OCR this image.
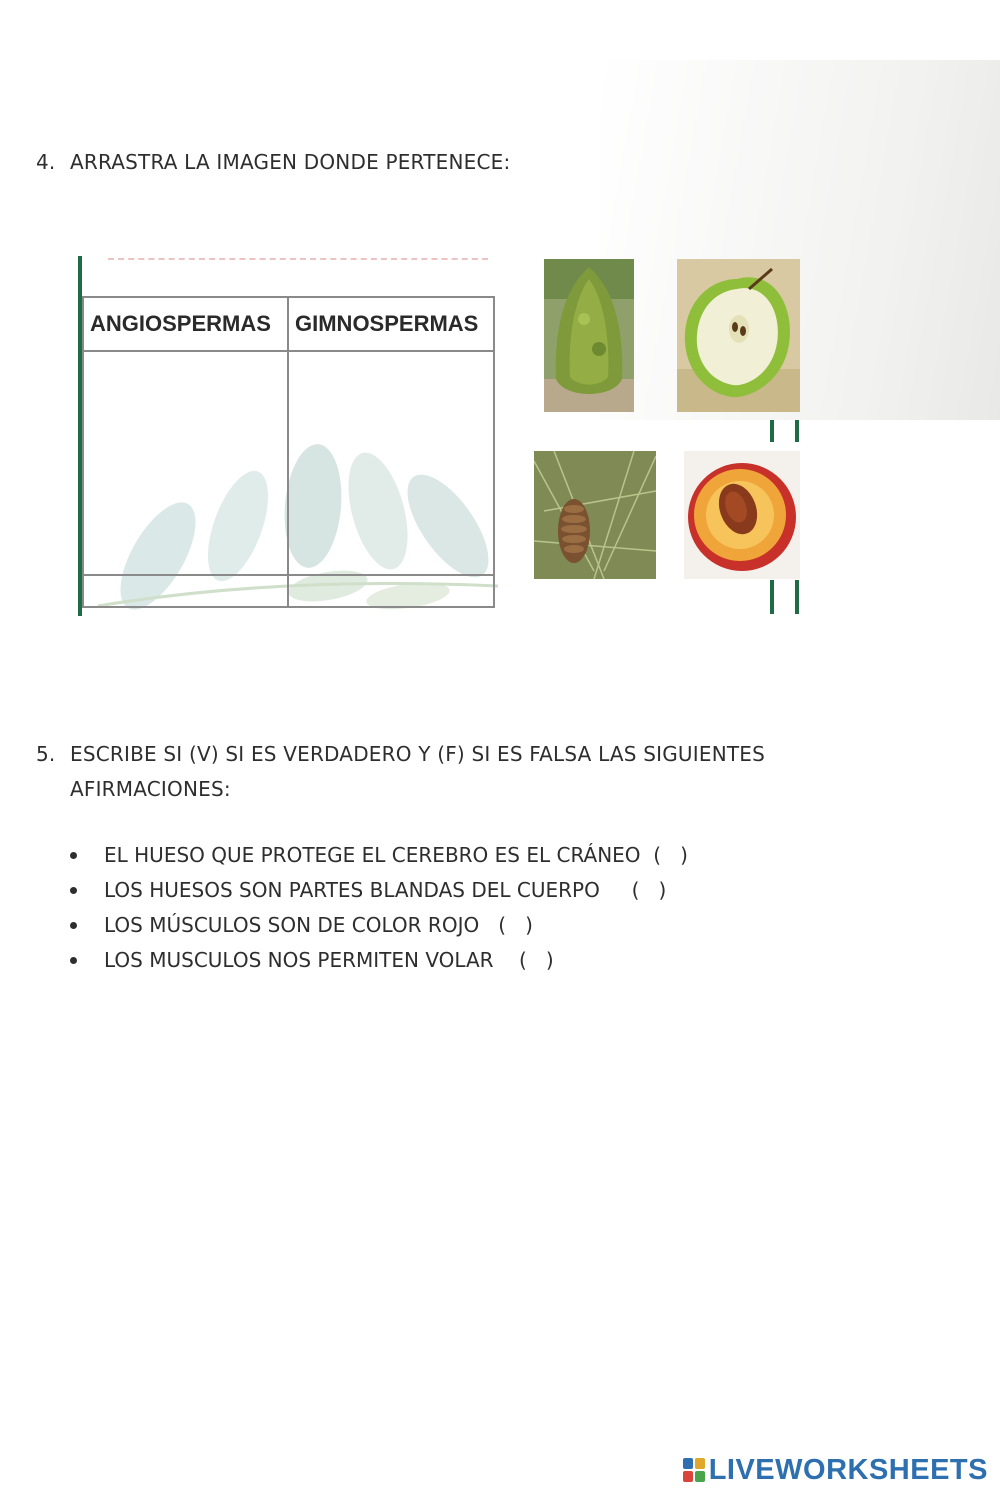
4. ARRASTRA LA IMAGEN DONDE PERTENECE:
ANGIOSPERMAS	GIMNOSPERMAS

5. ESCRIBE SI (V) SI ES VERDADERO Y (F) SI ES FALSA LAS SIGUIENTES
AFIRMACIONES:
EL HUESO QUE PROTEGE EL CEREBRO ES EL CRÁNEO (   )
LOS HUESOS SON PARTES BLANDAS DEL CUERPO (   )
LOS MÚSCULOS SON DE COLOR ROJO (   )
LOS MUSCULOS NOS PERMITEN VOLAR (   )
LIVEWORKSHEETS
